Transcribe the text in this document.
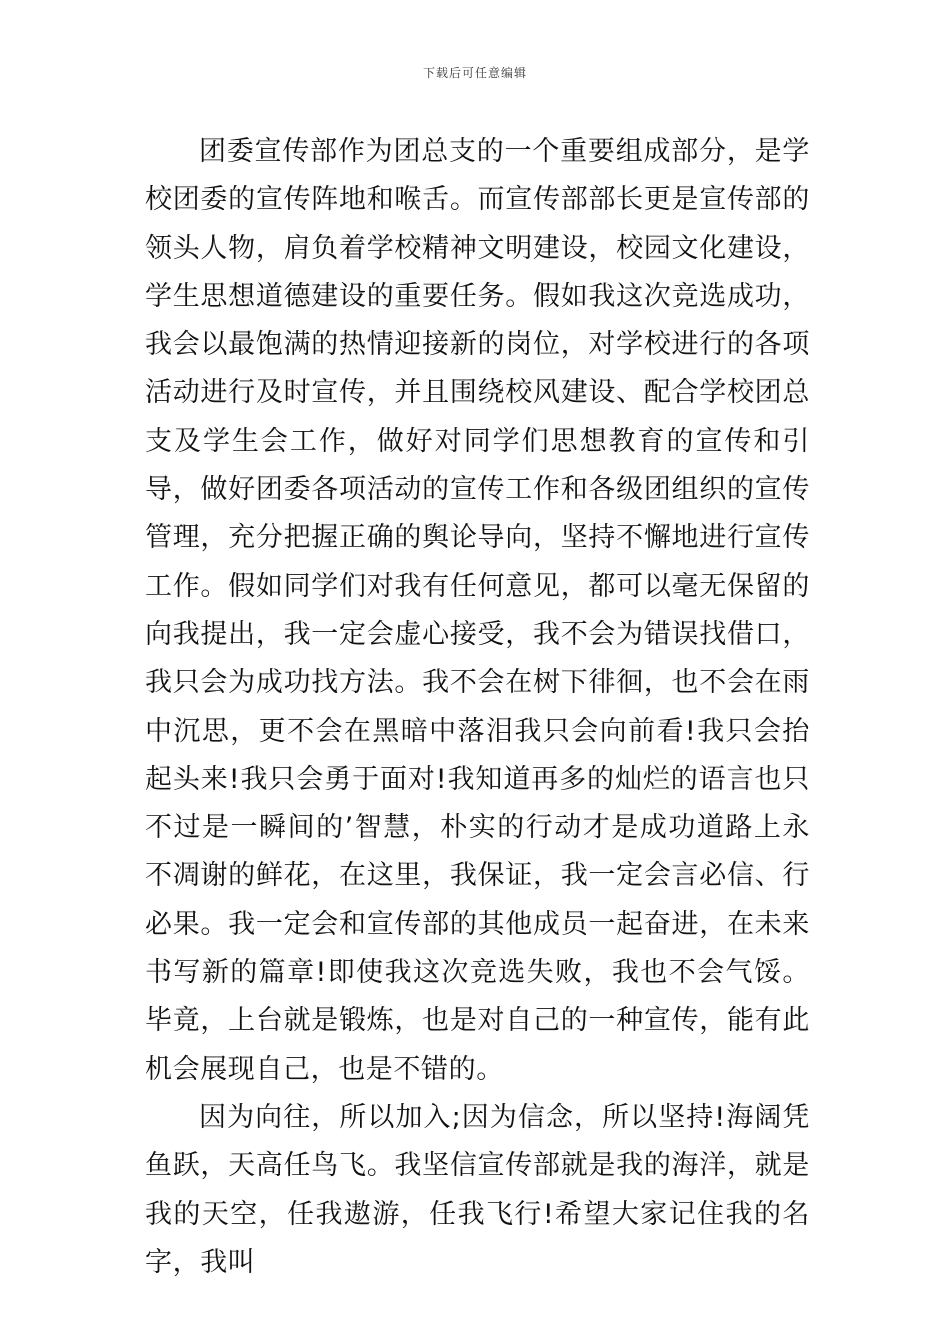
下载后可任意编辑

团委宣传部作为团总支的一个重要组成部分，是学校团委的宣传阵地和喉舌。而宣传部部长更是宣传部的领头人物，肩负着学校精神文明建设，校园文化建设，学生思想道德建设的重要任务。假如我这次竞选成功，我会以最饱满的热情迎接新的岗位，对学校进行的各项活动进行及时宣传，并且围绕校风建设、配合学校团总支及学生会工作，做好对同学们思想教育的宣传和引导，做好团委各项活动的宣传工作和各级团组织的宣传管理，充分把握正确的舆论导向，坚持不懈地进行宣传工作。假如同学们对我有任何意见，都可以毫无保留的向我提出，我一定会虚心接受，我不会为错误找借口，我只会为成功找方法。我不会在树下徘徊，也不会在雨中沉思，更不会在黑暗中落泪我只会向前看!我只会抬起头来!我只会勇于面对!我知道再多的灿烂的语言也只不过是一瞬间的’智慧，朴实的行动才是成功道路上永不凋谢的鲜花，在这里，我保证，我一定会言必信、行必果。我一定会和宣传部的其他成员一起奋进，在未来书写新的篇章!即使我这次竞选失败，我也不会气馁。毕竟，上台就是锻炼，也是对自己的一种宣传，能有此机会展现自己，也是不错的。

因为向往，所以加入;因为信念，所以坚持!海阔凭鱼跃，天高任鸟飞。我坚信宣传部就是我的海洋，就是我的天空，任我遨游，任我飞行!希望大家记住我的名字，我叫
